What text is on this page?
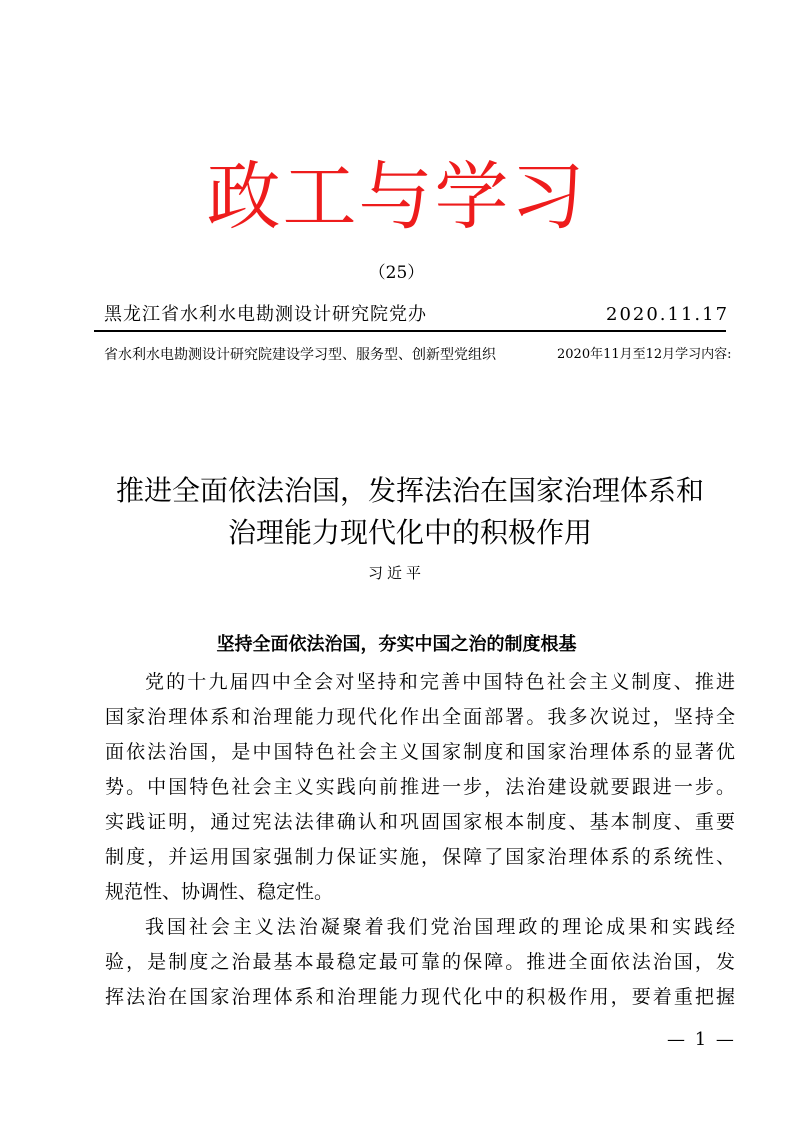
政工与学习
（25）
黑龙江省水利水电勘测设计研究院党办	2020.11.17
省水利水电勘测设计研究院建设学习型、服务型、创新型党组织	2020年11月至12月学习内容:
推进全面依法治国，发挥法治在国家治理体系和
治理能力现代化中的积极作用
习近平
坚持全面依法治国，夯实中国之治的制度根基
党的十九届四中全会对坚持和完善中国特色社会主义制度、推进
国家治理体系和治理能力现代化作出全面部署。我多次说过，坚持全
面依法治国，是中国特色社会主义国家制度和国家治理体系的显著优
势。中国特色社会主义实践向前推进一步，法治建设就要跟进一步。
实践证明，通过宪法法律确认和巩固国家根本制度、基本制度、重要
制度，并运用国家强制力保证实施，保障了国家治理体系的系统性、
规范性、协调性、稳定性。
我国社会主义法治凝聚着我们党治国理政的理论成果和实践经
验，是制度之治最基本最稳定最可靠的保障。推进全面依法治国，发
挥法治在国家治理体系和治理能力现代化中的积极作用，要着重把握
— 1 —
